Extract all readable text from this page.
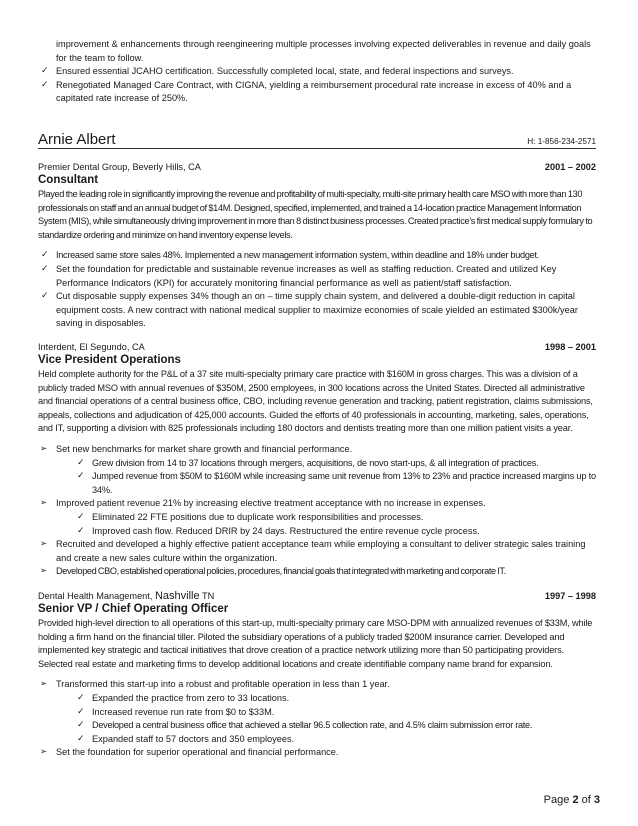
improvement & enhancements through reengineering multiple processes involving expected deliverables in revenue and daily goals for the team to follow.
✓ Ensured essential JCAHO certification. Successfully completed local, state, and federal inspections and surveys.
✓ Renegotiated Managed Care Contract, with CIGNA, yielding a reimbursement procedural rate increase in excess of 40% and a capitated rate increase of 250%.
Arnie Albert	H: 1-856-234-2571
Premier Dental Group, Beverly Hills, CA	2001 – 2002
Consultant

Played the leading role in significantly improving the revenue and profitability of multi-specialty, multi-site primary health care MSO with more than 130 professionals on staff and an annual budget of $14M. Designed, specified, implemented, and trained a 14-location practice Management Information System (MIS), while simultaneously driving improvement in more than 8 distinct business processes. Created practice’s first medical supply formulary to standardize ordering and minimize on hand inventory expense levels.

✓ Increased same store sales 48%. Implemented a new management information system, within deadline and 18% under budget.
✓ Set the foundation for predictable and sustainable revenue increases as well as staffing reduction. Created and utilized Key Performance Indicators (KPI) for accurately monitoring financial performance as well as patient/staff satisfaction.
✓ Cut disposable supply expenses 34% though an on – time supply chain system, and delivered a double-digit reduction in capital equipment costs. A new contract with national medical supplier to maximize economies of scale yielded an estimated $300k/year saving in disposables.
Interdent, El Segundo, CA	1998 – 2001
Vice President Operations

Held complete authority for the P&L of a 37 site multi-specialty primary care practice with $160M in gross charges. This was a division of a publicly traded MSO with annual revenues of $350M, 2500 employees, in 300 locations across the United States. Directed all administrative and financial operations of a central business office, CBO, including revenue generation and tracking, patient registration, claims submissions, appeals, collections and adjudication of 425,000 accounts. Guided the efforts of 40 professionals in accounting, marketing, sales, operations, and IT, supporting a division with 825 professionals including 180 doctors and dentists treating more than one million patient visits a year.

➢ Set new benchmarks for market share growth and financial performance.
✓ Grew division from 14 to 37 locations through mergers, acquisitions, de novo start-ups, & all integration of practices.
✓ Jumped revenue from $50M to $160M while increasing same unit revenue from 13% to 23% and practice increased margins up to 34%.
➢ Improved patient revenue 21% by increasing elective treatment acceptance with no increase in expenses.
✓ Eliminated 22 FTE positions due to duplicate work responsibilities and processes.
✓ Improved cash flow. Reduced DRIR by 24 days. Restructured the entire revenue cycle process.
➢ Recruited and developed a highly effective patient acceptance team while employing a consultant to deliver strategic sales training and create a new sales culture within the organization.
➢ Developed CBO, established operational policies, procedures, financial goals that integrated with marketing and corporate IT.
Dental Health Management, Nashville TN	1997 – 1998
Senior VP / Chief Operating Officer

Provided high-level direction to all operations of this start-up, multi-specialty primary care MSO-DPM with annualized revenues of $33M, while holding a firm hand on the financial tiller. Piloted the subsidiary operations of a publicly traded $200M insurance carrier. Developed and implemented key strategic and tactical initiatives that drove creation of a practice network utilizing more than 50 participating providers. Selected real estate and marketing firms to develop additional locations and create identifiable company name brand for expansion.

➢ Transformed this start-up into a robust and profitable operation in less than 1 year.
✓ Expanded the practice from zero to 33 locations.
✓ Increased revenue run rate from $0 to $33M.
✓ Developed a central business office that achieved a stellar 96.5 collection rate, and 4.5% claim submission error rate.
✓ Expanded staff to 57 doctors and 350 employees.
➢ Set the foundation for superior operational and financial performance.
Page 2 of 3
